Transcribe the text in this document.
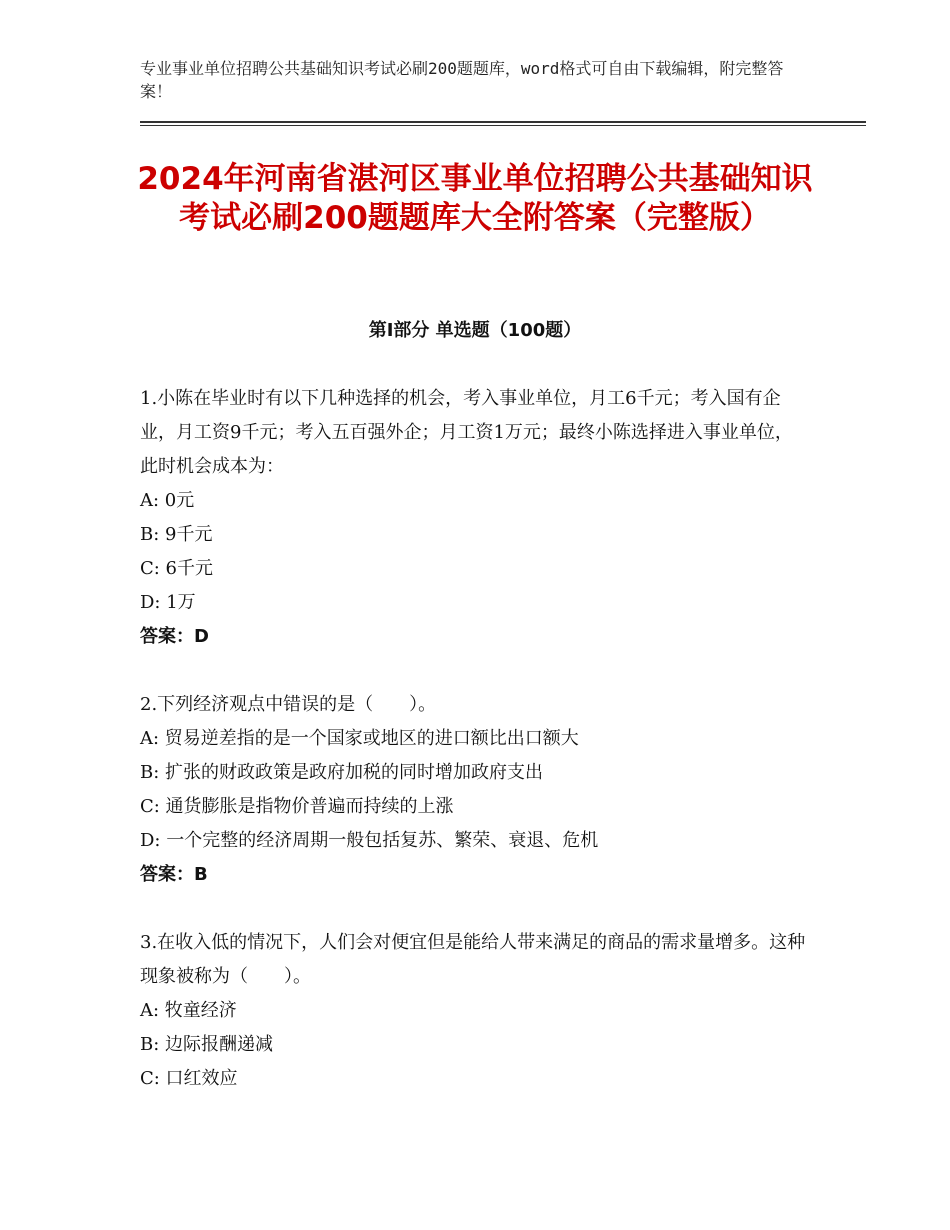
专业事业单位招聘公共基础知识考试必刷200题题库，word格式可自由下载编辑，附完整答案！
2024年河南省湛河区事业单位招聘公共基础知识考试必刷200题题库大全附答案（完整版）
第Ⅰ部分 单选题（100题）
1.小陈在毕业时有以下几种选择的机会，考入事业单位，月工6千元；考入国有企业，月工资9千元；考入五百强外企；月工资1万元；最终小陈选择进入事业单位，此时机会成本为：
A: 0元
B: 9千元
C: 6千元
D: 1万
答案：D
2.下列经济观点中错误的是（　　）。
A: 贸易逆差指的是一个国家或地区的进口额比出口额大
B: 扩张的财政政策是政府加税的同时增加政府支出
C: 通货膨胀是指物价普遍而持续的上涨
D: 一个完整的经济周期一般包括复苏、繁荣、衰退、危机
答案：B
3.在收入低的情况下，人们会对便宜但是能给人带来满足的商品的需求量增多。这种现象被称为（　　）。
A: 牧童经济
B: 边际报酬递减
C: 口红效应
